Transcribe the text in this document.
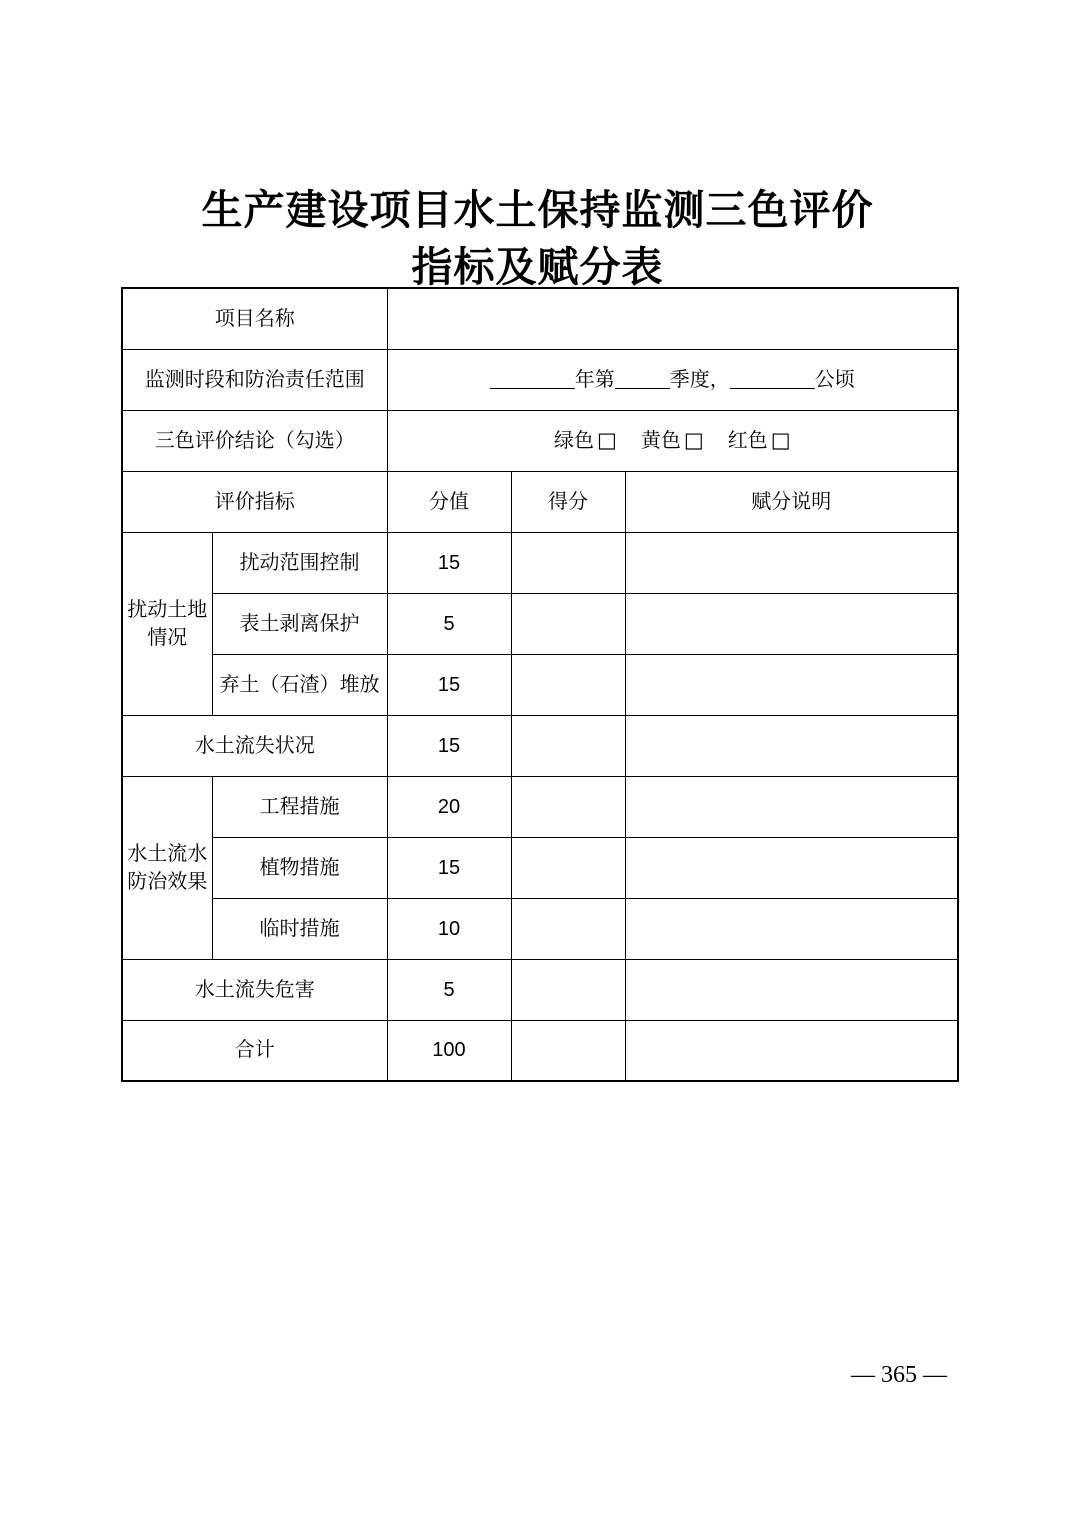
生产建设项目水土保持监测三色评价
指标及赋分表
项目名称				
监测时段和防治责任范围		年第 季度， 公顷		
三色评价结论（勾选）		绿色 □ 黄色 □ 红色 □		
评价指标		分值	得分	赋分说明
扰动土地情况	扰动范围控制	15		
	表土剥离保护	5		
	弃土（石渣）堆放	15		
水土流失状况		15		
水土流水防治效果	工程措施	20		
	植物措施	15		
	临时措施	10		
水土流失危害		5		
合计		100		
— 365 —
